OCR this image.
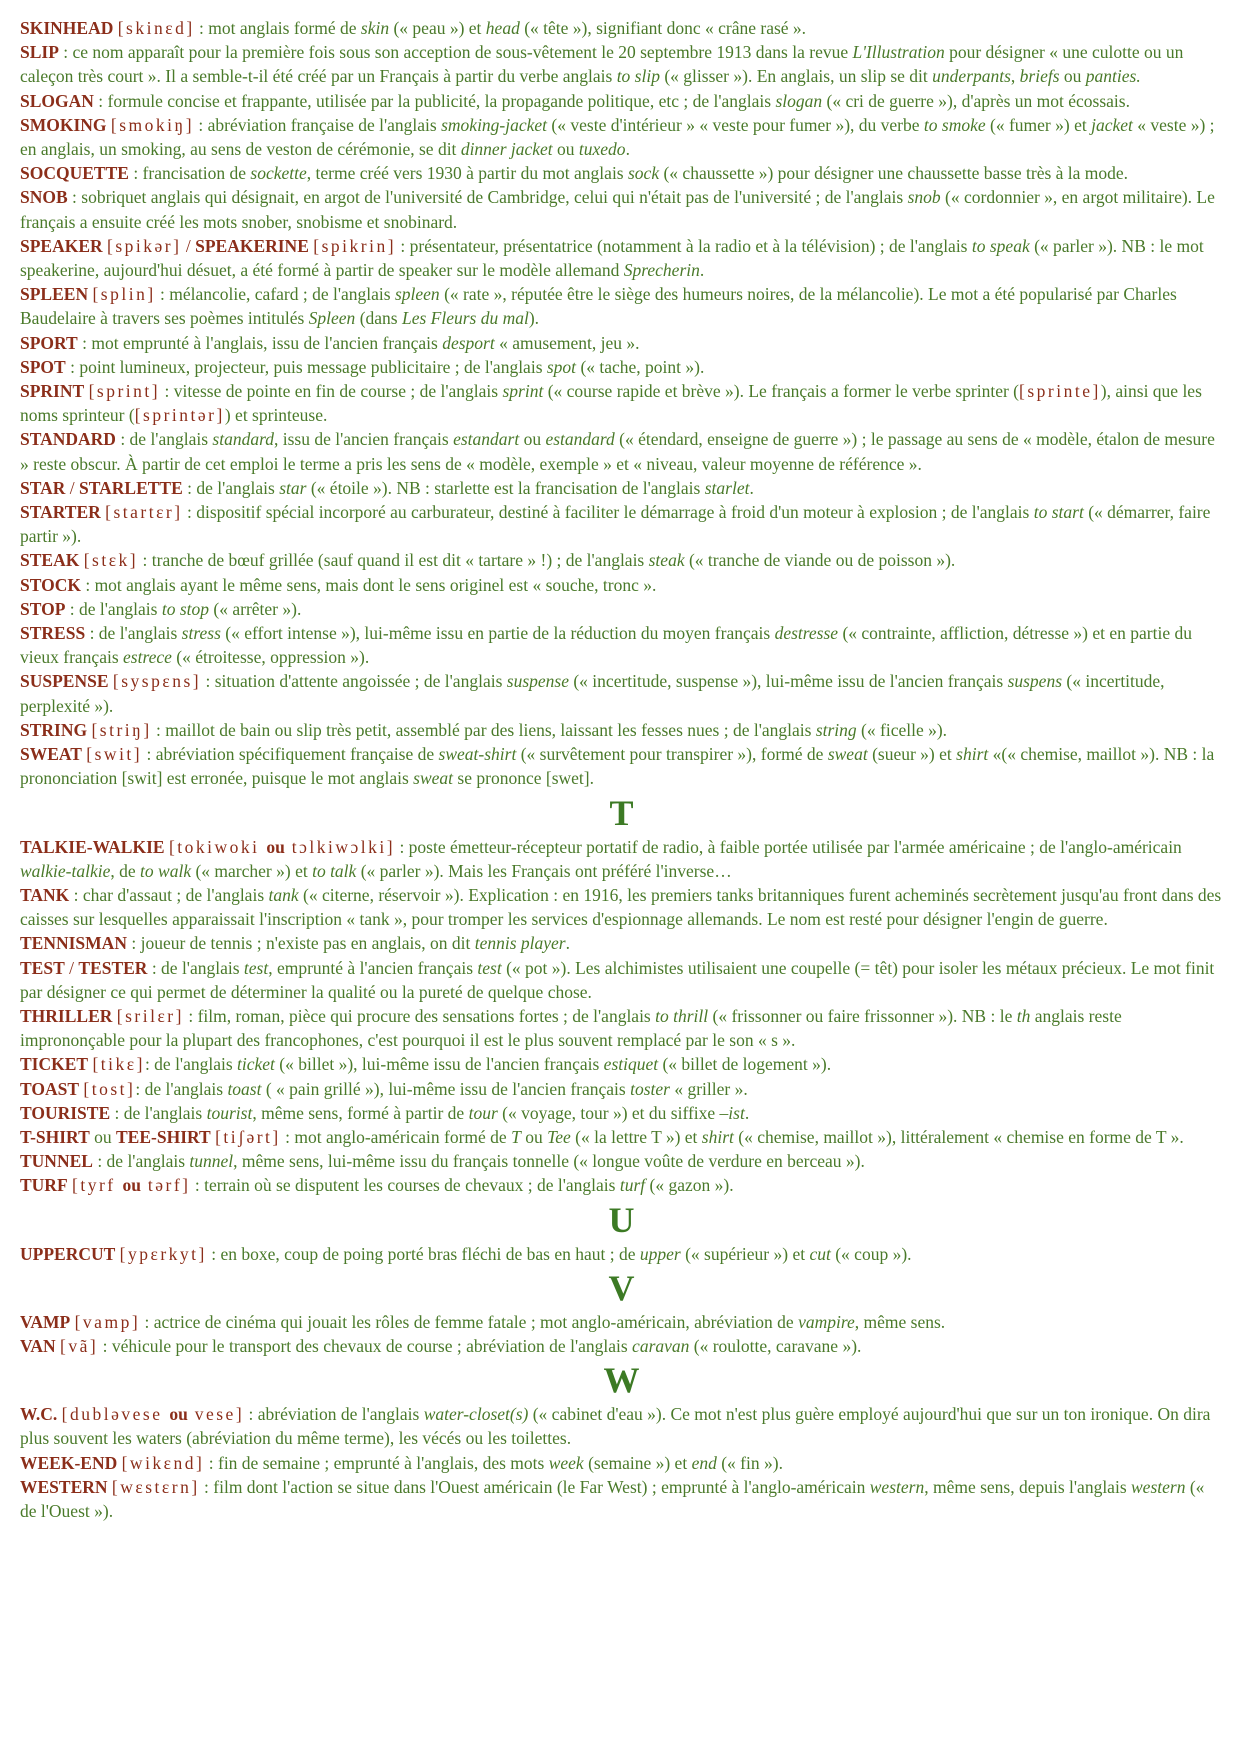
SKINHEAD [skinɛd] : mot anglais formé de skin (« peau ») et head (« tête »), signifiant donc « crâne rasé ».

SLIP : ce nom apparaît pour la première fois sous son acception de sous-vêtement le 20 septembre 1913 dans la revue L'Illustration pour désigner « une culotte ou un caleçon très court ». Il a semble-t-il été créé par un Français à partir du verbe anglais to slip (« glisser »). En anglais, un slip se dit underpants, briefs ou panties.

SLOGAN : formule concise et frappante, utilisée par la publicité, la propagande politique, etc ; de l'anglais slogan (« cri de guerre »), d'après un mot écossais.

SMOKING [smokiŋ] : abréviation française de l'anglais smoking-jacket (« veste d'intérieur » « veste pour fumer »), du verbe to smoke (« fumer ») et jacket « veste ») ; en anglais, un smoking, au sens de veston de cérémonie, se dit dinner jacket ou tuxedo.

SOCQUETTE : francisation de sockette, terme créé vers 1930 à partir du mot anglais sock (« chaussette ») pour désigner une chaussette basse très à la mode.

SNOB : sobriquet anglais qui désignait, en argot de l'université de Cambridge, celui qui n'était pas de l'université ; de l'anglais snob (« cordonnier », en argot militaire). Le français a ensuite créé les mots snober, snobisme et snobinard.

SPEAKER [spikər] / SPEAKERINE [spikrin] : présentateur, présentatrice (notamment à la radio et à la télévision) ; de l'anglais to speak (« parler »). NB : le mot speakerine, aujourd'hui désuet, a été formé à partir de speaker sur le modèle allemand Sprecherin.

SPLEEN [splin] : mélancolie, cafard ; de l'anglais spleen (« rate », réputée être le siège des humeurs noires, de la mélancolie). Le mot a été popularisé par Charles Baudelaire à travers ses poèmes intitulés Spleen (dans Les Fleurs du mal).

SPORT : mot emprunté à l'anglais, issu de l'ancien français desport « amusement, jeu ».

SPOT : point lumineux, projecteur, puis message publicitaire ; de l'anglais spot (« tache, point »).

SPRINT [sprint] : vitesse de pointe en fin de course ; de l'anglais sprint (« course rapide et brève »). Le français a former le verbe sprinter ([sprinte]), ainsi que les noms sprinteur ([sprintər]) et sprinteuse.

STANDARD : de l'anglais standard, issu de l'ancien français estandart ou estandard (« étendard, enseigne de guerre ») ; le passage au sens de « modèle, étalon de mesure » reste obscur. À partir de cet emploi le terme a pris les sens de « modèle, exemple » et « niveau, valeur moyenne de référence ».

STAR / STARLETTE : de l'anglais star (« étoile »). NB : starlette est la francisation de l'anglais starlet.

STARTER [startɛr] : dispositif spécial incorporé au carburateur, destiné à faciliter le démarrage à froid d'un moteur à explosion ; de l'anglais to start (« démarrer, faire partir »).

STEAK [stɛk] : tranche de bœuf grillée (sauf quand il est dit « tartare » !) ; de l'anglais steak (« tranche de viande ou de poisson »).

STOCK : mot anglais ayant le même sens, mais dont le sens originel est « souche, tronc ».

STOP : de l'anglais to stop (« arrêter »).

STRESS : de l'anglais stress (« effort intense »), lui-même issu en partie de la réduction du moyen français destresse (« contrainte, affliction, détresse ») et en partie du vieux français estrece (« étroitesse, oppression »).

SUSPENSE [syspɛns] : situation d'attente angoissée ; de l'anglais suspense (« incertitude, suspense »), lui-même issu de l'ancien français suspens (« incertitude, perplexité »).

STRING [striŋ] : maillot de bain ou slip très petit, assemblé par des liens, laissant les fesses nues ; de l'anglais string (« ficelle »).

SWEAT [swit] : abréviation spécifiquement française de sweat-shirt (« survêtement pour transpirer »), formé de sweat (sueur ») et shirt «(« chemise, maillot »). NB : la prononciation [swit] est erronée, puisque le mot anglais sweat se prononce [swet].

T

TALKIE-WALKIE [tokiwoki ou tɔlkiwɔlki] : poste émetteur-récepteur portatif de radio, à faible portée utilisée par l'armée américaine ; de l'anglo-américain walkie-talkie, de to walk (« marcher ») et to talk (« parler »). Mais les Français ont préféré l'inverse…

TANK : char d'assaut ; de l'anglais tank (« citerne, réservoir »). Explication : en 1916, les premiers tanks britanniques furent acheminés secrètement jusqu'au front dans des caisses sur lesquelles apparaissait l'inscription « tank », pour tromper les services d'espionnage allemands. Le nom est resté pour désigner l'engin de guerre.

TENNISMAN : joueur de tennis ; n'existe pas en anglais, on dit tennis player.

TEST / TESTER : de l'anglais test, emprunté à l'ancien français test (« pot »). Les alchimistes utilisaient une coupelle (= têt) pour isoler les métaux précieux. Le mot finit par désigner ce qui permet de déterminer la qualité ou la pureté de quelque chose.

THRILLER [srilɛr] : film, roman, pièce qui procure des sensations fortes ; de l'anglais to thrill (« frissonner ou faire frissonner »). NB : le th anglais reste imprononçable pour la plupart des francophones, c'est pourquoi il est le plus souvent remplacé par le son « s ».

TICKET [tikɛ]: de l'anglais ticket (« billet »), lui-même issu de l'ancien français estiquet (« billet de logement »).

TOAST [tost]: de l'anglais toast ( « pain grillé »), lui-même issu de l'ancien français toster « griller ».

TOURISTE : de l'anglais tourist, même sens, formé à partir de tour (« voyage, tour ») et du siffixe –ist.

T-SHIRT ou TEE-SHIRT [tiʃərt] : mot anglo-américain formé de T ou Tee (« la lettre T ») et shirt (« chemise, maillot »), littéralement « chemise en forme de T ».

TUNNEL : de l'anglais tunnel, même sens, lui-même issu du français tonnelle (« longue voûte de verdure en berceau »).

TURF [tyrf ou tərf] : terrain où se disputent les courses de chevaux ; de l'anglais turf (« gazon »).

U

UPPERCUT [ypɛrkyt] : en boxe, coup de poing porté bras fléchi de bas en haut ; de upper (« supérieur ») et cut (« coup »).

V

VAMP [vamp] : actrice de cinéma qui jouait les rôles de femme fatale ; mot anglo-américain, abréviation de vampire, même sens.

VAN [vã] : véhicule pour le transport des chevaux de course ; abréviation de l'anglais caravan (« roulotte, caravane »).

W

W.C. [dubləvese ou vese] : abréviation de l'anglais water-closet(s) (« cabinet d'eau »). Ce mot n'est plus guère employé aujourd'hui que sur un ton ironique. On dira plus souvent les waters (abréviation du même terme), les vécés ou les toilettes.

WEEK-END [wikɛnd] : fin de semaine ; emprunté à l'anglais, des mots week (semaine ») et end (« fin »).

WESTERN [wɛstɛrn] : film dont l'action se situe dans l'Ouest américain (le Far West) ; emprunté à l'anglo-américain western, même sens, depuis l'anglais western (« de l'Ouest »).
